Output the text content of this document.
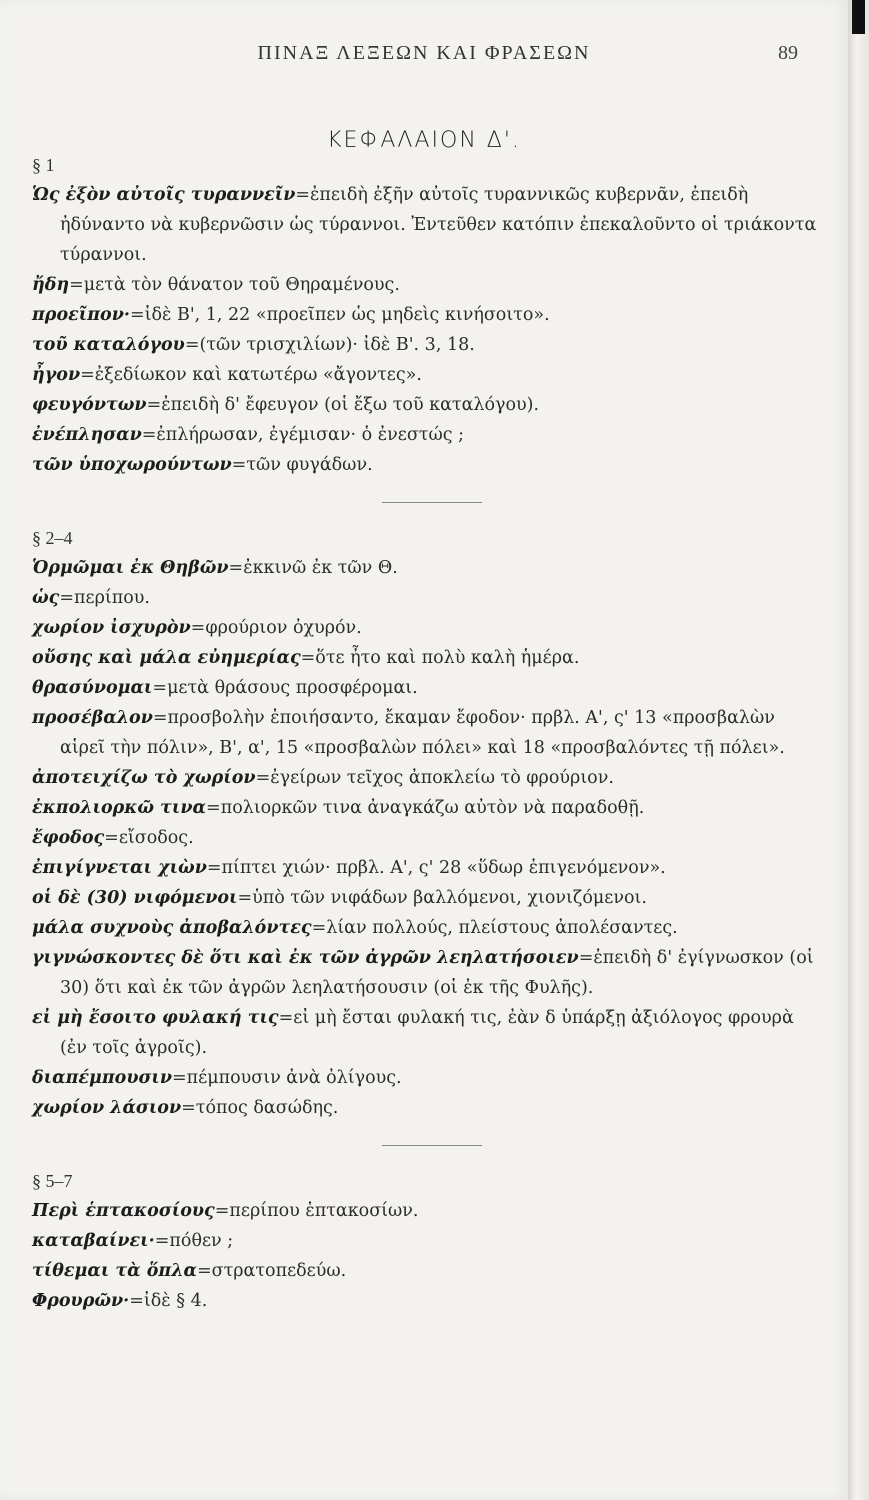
ΠΙΝΑΞ ΛΕΞΕΩΝ ΚΑΙ ΦΡΑΣΕΩΝ	89
ΚΕΦΑΛΑΙΟΝ Δ'.

§ 1

Ὡς ἐξὸν αὐτοῖς τυραννεῖν=ἐπειδὴ ἐξῆν αὐτοῖς τυραννικῶς κυβερνᾶν, ἐπειδὴ ἠδύναντο νὰ κυβερνῶσιν ὡς τύραννοι. Ἐντεῦθεν κατόπιν ἐπεκαλοῦντο οἱ τριάκοντα τύραννοι.

ἤδη=μετὰ τὸν θάνατον τοῦ Θηραμένους.

προεῖπον·=ἰδὲ Β', 1, 22 «προεῖπεν ὡς μηδεὶς κινήσοιτο».

τοῦ καταλόγου=(τῶν τρισχιλίων)· ἰδὲ Β'. 3, 18.

ἦγον=ἐξεδίωκον καὶ κατωτέρω «ἄγοντες».

φευγόντων=ἐπειδὴ δ' ἔφευγον (οἱ ἔξω τοῦ καταλόγου).

ἐνέπλησαν=ἐπλήρωσαν, ἐγέμισαν· ὁ ἐνεστώς ;

τῶν ὑποχωρούντων=τῶν φυγάδων.

§ 2–4

Ὁρμῶμαι ἐκ Θηβῶν=ἐκκινῶ ἐκ τῶν Θ.

ὡς=περίπου.

χωρίον ἰσχυρὸν=φρούριον ὀχυρόν.

οὔσης καὶ μάλα εὐημερίας=ὅτε ἦτο καὶ πολὺ καλὴ ἡμέρα.

θρασύνομαι=μετὰ θράσους προσφέρομαι.

προσέβαλον=προσβολὴν ἐποιήσαντο, ἔκαμαν ἔφοδον· πρβλ. Α', ς' 13 «προσβαλὼν αἱρεῖ τὴν πόλιν», Β', α', 15 «προσβαλὼν πόλει» καὶ 18 «προσβαλόντες τῇ πόλει».

ἀποτειχίζω τὸ χωρίον=ἐγείρων τεῖχος ἀποκλείω τὸ φρούριον.

ἐκπολιορκῶ τινα=πολιορκῶν τινα ἀναγκάζω αὐτὸν νὰ παραδοθῇ.

ἔφοδος=εἴσοδος.

ἐπιγίγνεται χιὼν=πίπτει χιών· πρβλ. Α', ς' 28 «ὕδωρ ἐπιγενόμενον».

οἱ δὲ (30) νιφόμενοι=ὑπὸ τῶν νιφάδων βαλλόμενοι, χιονιζόμενοι.

μάλα συχνοὺς ἀποβαλόντες=λίαν πολλούς, πλείστους ἀπολέσαντες.

γιγνώσκοντες δὲ ὅτι καὶ ἐκ τῶν ἀγρῶν λεηλατήσοιεν=ἐπειδὴ δ' ἐγίγνωσκον (οἱ 30) ὅτι καὶ ἐκ τῶν ἀγρῶν λεηλατήσουσιν (οἱ ἐκ τῆς Φυλῆς).

εἰ μὴ ἔσοιτο φυλακή τις=εἰ μὴ ἔσται φυλακή τις, ἐὰν δ ὑπάρξῃ ἀξιόλογος φρουρὰ (ἐν τοῖς ἀγροῖς).

διαπέμπουσιν=πέμπουσιν ἀνὰ ὀλίγους.

χωρίον λάσιον=τόπος δασώδης.

§ 5–7

Περὶ ἑπτακοσίους=περίπου ἑπτακοσίων.

καταβαίνει·=πόθεν ;

τίθεμαι τὰ ὅπλα=στρατοπεδεύω.

Φρουρῶν·=ἰδὲ § 4.
